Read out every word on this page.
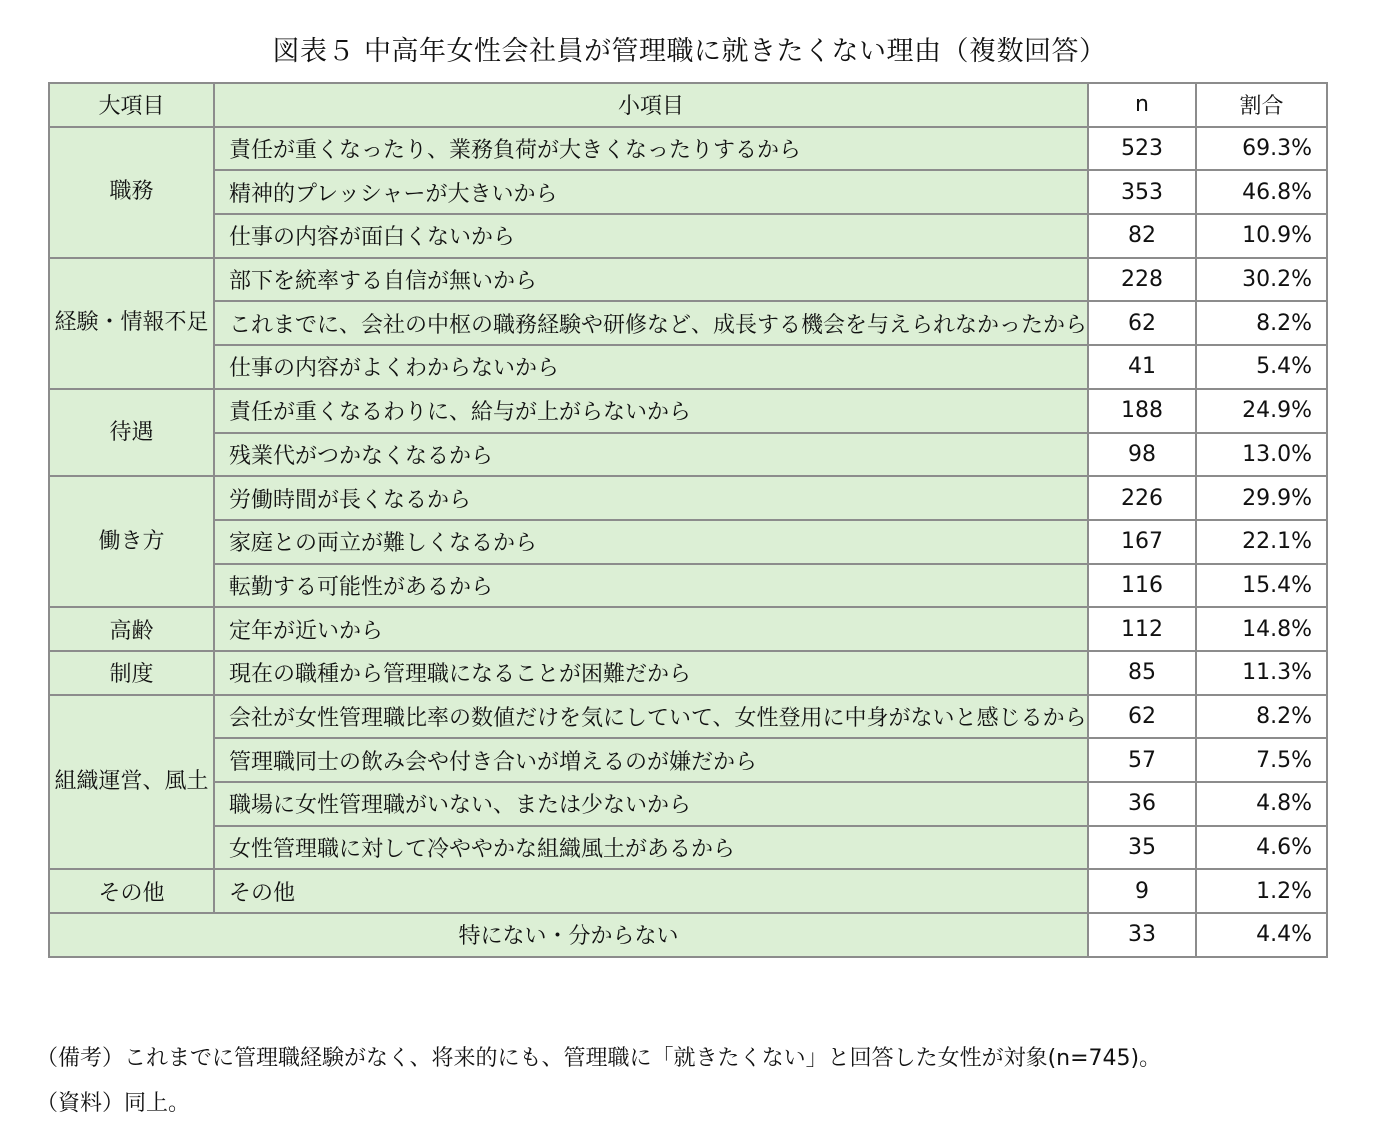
図表５ 中高年女性会社員が管理職に就きたくない理由（複数回答）
大項目	小項目	n	割合
職務	責任が重くなったり、業務負荷が大きくなったりするから	523	69.3%
	精神的プレッシャーが大きいから	353	46.8%
	仕事の内容が面白くないから	82	10.9%
経験・情報不足	部下を統率する自信が無いから	228	30.2%
	これまでに、会社の中枢の職務経験や研修など、成長する機会を与えられなかったから	62	8.2%
	仕事の内容がよくわからないから	41	5.4%
待遇	責任が重くなるわりに、給与が上がらないから	188	24.9%
	残業代がつかなくなるから	98	13.0%
働き方	労働時間が長くなるから	226	29.9%
	家庭との両立が難しくなるから	167	22.1%
	転勤する可能性があるから	116	15.4%
高齢	定年が近いから	112	14.8%
制度	現在の職種から管理職になることが困難だから	85	11.3%
組織運営、風土	会社が女性管理職比率の数値だけを気にしていて、女性登用に中身がないと感じるから	62	8.2%
	管理職同士の飲み会や付き合いが増えるのが嫌だから	57	7.5%
	職場に女性管理職がいない、または少ないから	36	4.8%
	女性管理職に対して冷ややかな組織風土があるから	35	4.6%
その他	その他	9	1.2%
特にない・分からない		33	4.4%
（備考）これまでに管理職経験がなく、将来的にも、管理職に「就きたくない」と回答した女性が対象(n=745)。
（資料）同上。
